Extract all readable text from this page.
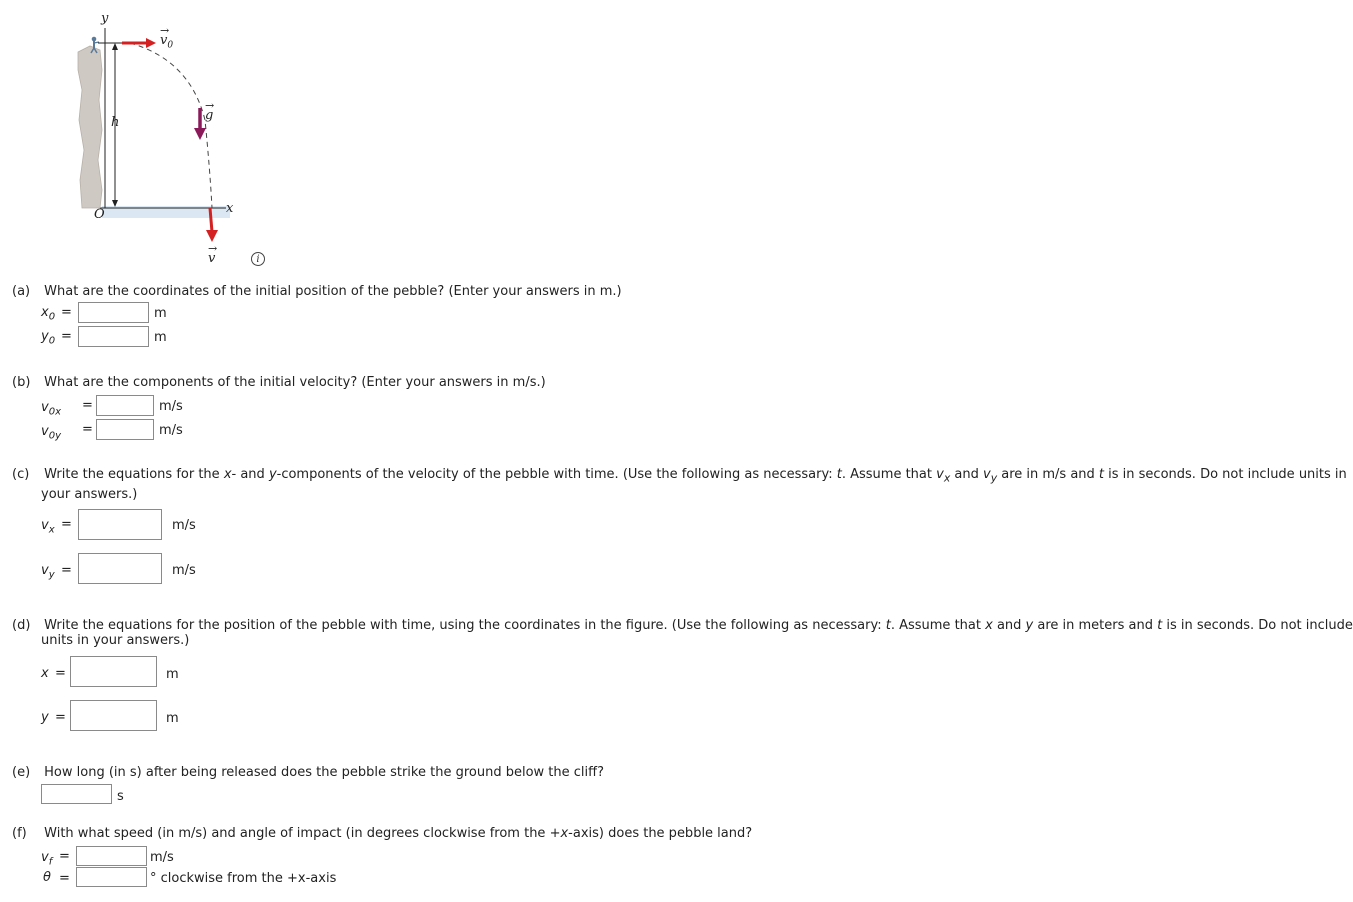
y
x
h
O
→
$v_0$
→
g
→
v	i
(a) What are the coordinates of the initial position of the pebble? (Enter your answers in m.)
$x_0$ =	m
$y_0$ =	m
(b) What are the components of the initial velocity? (Enter your answers in m/s.)
$v_{0x}$ =	m/s
$v_{0y}$ =	m/s
(c) Write the equations for the x- and y-components of the velocity of the pebble with time. (Use the following as necessary: t. Assume that $v_x$ and $v_y$ are in m/s and t is in seconds. Do not include units in
your answers.)
$v_x$ =	m/s
$v_y$ =	m/s
(d) Write the equations for the position of the pebble with time, using the coordinates in the figure. (Use the following as necessary: t. Assume that x and y are in meters and t is in seconds. Do not include
units in your answers.)
x =	m
y =	m
(e) How long (in s) after being released does the pebble strike the ground below the cliff?
s
(f) With what speed (in m/s) and angle of impact (in degrees clockwise from the +x-axis) does the pebble land?
$v_f$ =	m/s
θ =	° clockwise from the +x-axis
